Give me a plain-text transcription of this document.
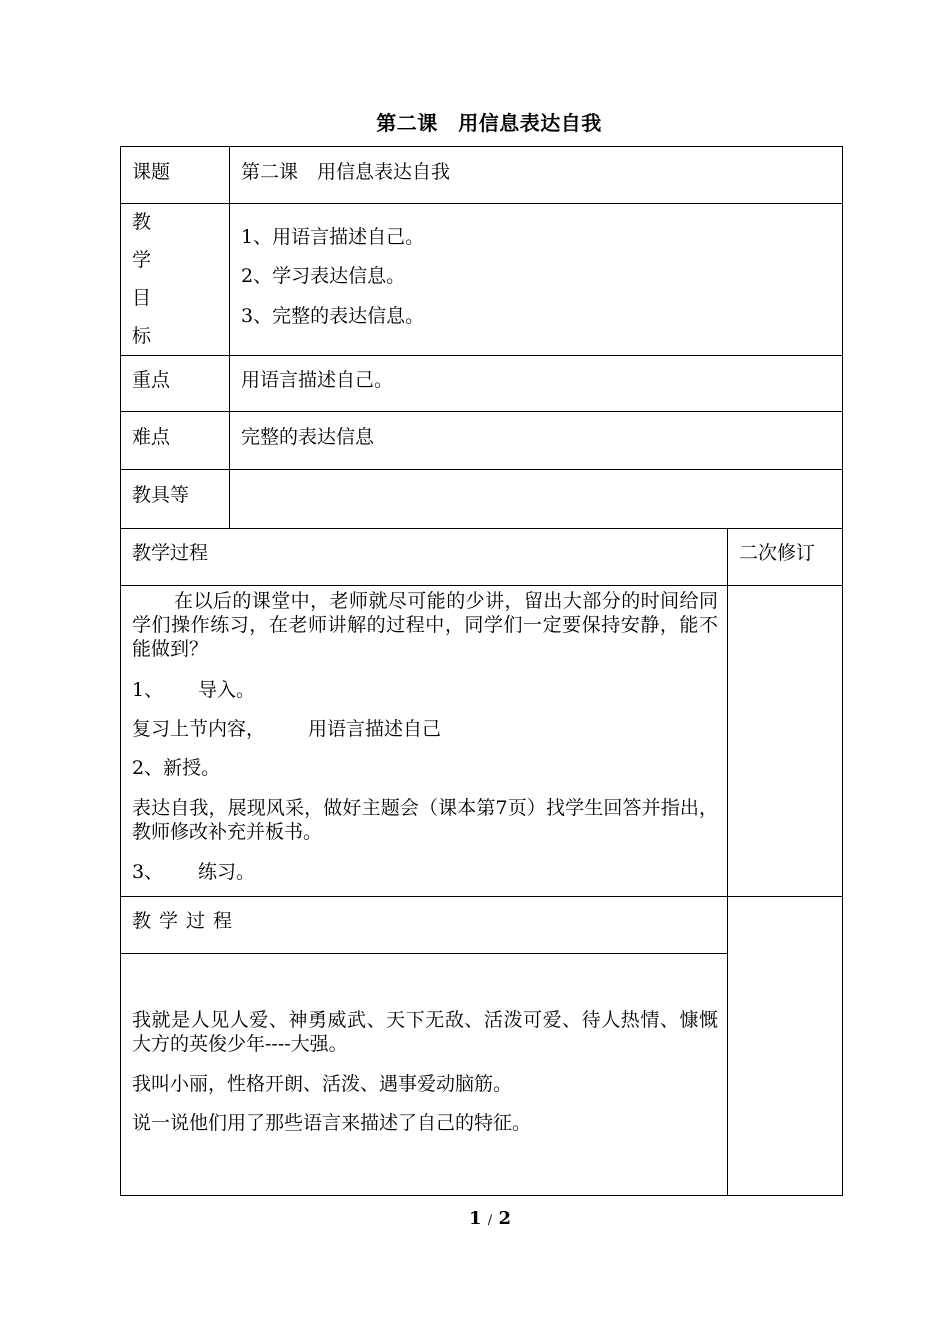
第二课　用信息表达自我
课题
教
学
目
标
重点
难点
教具等
第二课　用信息表达自我
1、用语言描述自己。
2、学习表达信息。
3、完整的表达信息。
用语言描述自己。
完整的表达信息
教学过程	二次修订
在以后的课堂中，老师就尽可能的少讲，留出大部分的时间给同学们操作练习，在老师讲解的过程中，同学们一定要保持安静，能不能做到？
1、 导入。
复习上节内容， 用语言描述自己
2、新授。
表达自我，展现风采，做好主题会（课本第7页）找学生回答并指出，教师修改补充并板书。
3、 练习。
教学过程
我就是人见人爱、神勇威武、天下无敌、活泼可爱、待人热情、慷慨大方的英俊少年----大强。
我叫小丽，性格开朗、活泼、遇事爱动脑筋。
说一说他们用了那些语言来描述了自己的特征。
1 / 2
